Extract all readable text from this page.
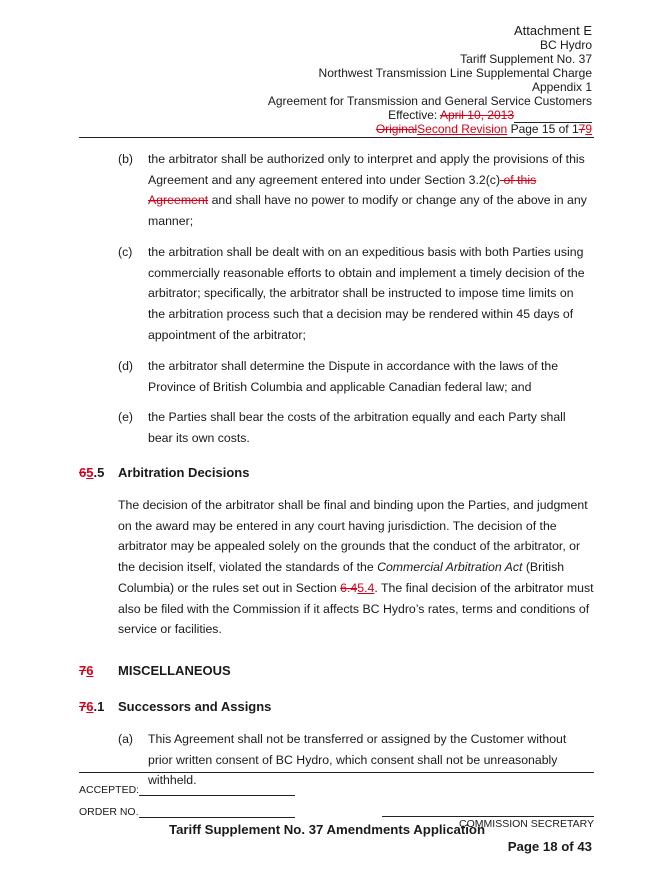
Attachment E
BC Hydro
Tariff Supplement No. 37
Northwest Transmission Line Supplemental Charge
Appendix 1
Agreement for Transmission and General Service Customers
Effective: April 10, 2013
OriginalSecond Revision Page 15 of 179
(b) the arbitrator shall be authorized only to interpret and apply the provisions of this Agreement and any agreement entered into under Section 3.2(c) of this Agreement and shall have no power to modify or change any of the above in any manner;
(c) the arbitration shall be dealt with on an expeditious basis with both Parties using commercially reasonable efforts to obtain and implement a timely decision of the arbitrator; specifically, the arbitrator shall be instructed to impose time limits on the arbitration process such that a decision may be rendered within 45 days of appointment of the arbitrator;
(d) the arbitrator shall determine the Dispute in accordance with the laws of the Province of British Columbia and applicable Canadian federal law; and
(e) the Parties shall bear the costs of the arbitration equally and each Party shall bear its own costs.
65.5 Arbitration Decisions
The decision of the arbitrator shall be final and binding upon the Parties, and judgment on the award may be entered in any court having jurisdiction. The decision of the arbitrator may be appealed solely on the grounds that the conduct of the arbitrator, or the decision itself, violated the standards of the Commercial Arbitration Act (British Columbia) or the rules set out in Section 6.45.4. The final decision of the arbitrator must also be filed with the Commission if it affects BC Hydro’s rates, terms and conditions of service or facilities.
76 MISCELLANEOUS
76.1 Successors and Assigns
(a) This Agreement shall not be transferred or assigned by the Customer without prior written consent of BC Hydro, which consent shall not be unreasonably withheld.
ACCEPTED:
ORDER NO.
COMMISSION SECRETARY
Tariff Supplement No. 37 Amendments Application
Page 18 of 43
